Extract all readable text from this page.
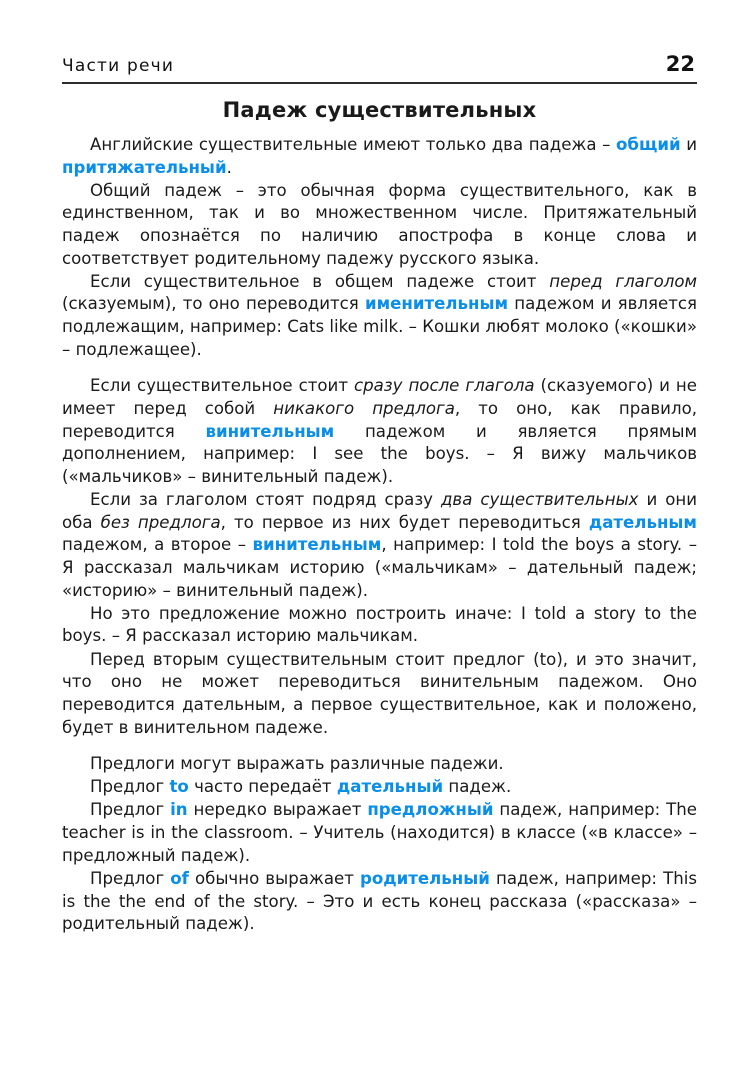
Части речи	22
Падеж существительных

Английские существительные имеют только два падежа – общий и притяжательный.

Общий падеж – это обычная форма существительного, как в единственном, так и во множественном числе. Притяжательный падеж опознаётся по наличию апострофа в конце слова и соответствует родительному падежу русского языка.

Если существительное в общем падеже стоит перед глаголом (сказуемым), то оно переводится именительным падежом и является подлежащим, например: Cats like milk. – Кошки любят молоко («кошки» – подлежащее).

Если существительное стоит сразу после глагола (сказуемого) и не имеет перед собой никакого предлога, то оно, как правило, переводится винительным падежом и является прямым дополнением, например: I see the boys. – Я вижу мальчиков («мальчиков» – винительный падеж).

Если за глаголом стоят подряд сразу два существительных и они оба без предлога, то первое из них будет переводиться дательным падежом, а второе – винительным, например: I told the boys a story. – Я рассказал мальчикам историю («мальчикам» – дательный падеж; «историю» – винительный падеж).

Но это предложение можно построить иначе: I told a story to the boys. – Я рассказал историю мальчикам.

Перед вторым существительным стоит предлог (to), и это значит, что оно не может переводиться винительным падежом. Оно переводится дательным, а первое существительное, как и положено, будет в винительном падеже.

Предлоги могут выражать различные падежи.

Предлог to часто передаёт дательный падеж.

Предлог in нередко выражает предложный падеж, например: The teacher is in the classroom. – Учитель (находится) в классе («в классе» – предложный падеж).

Предлог of обычно выражает родительный падеж, например: This is the the end of the story. – Это и есть конец рассказа («рассказа» – родительный падеж).
